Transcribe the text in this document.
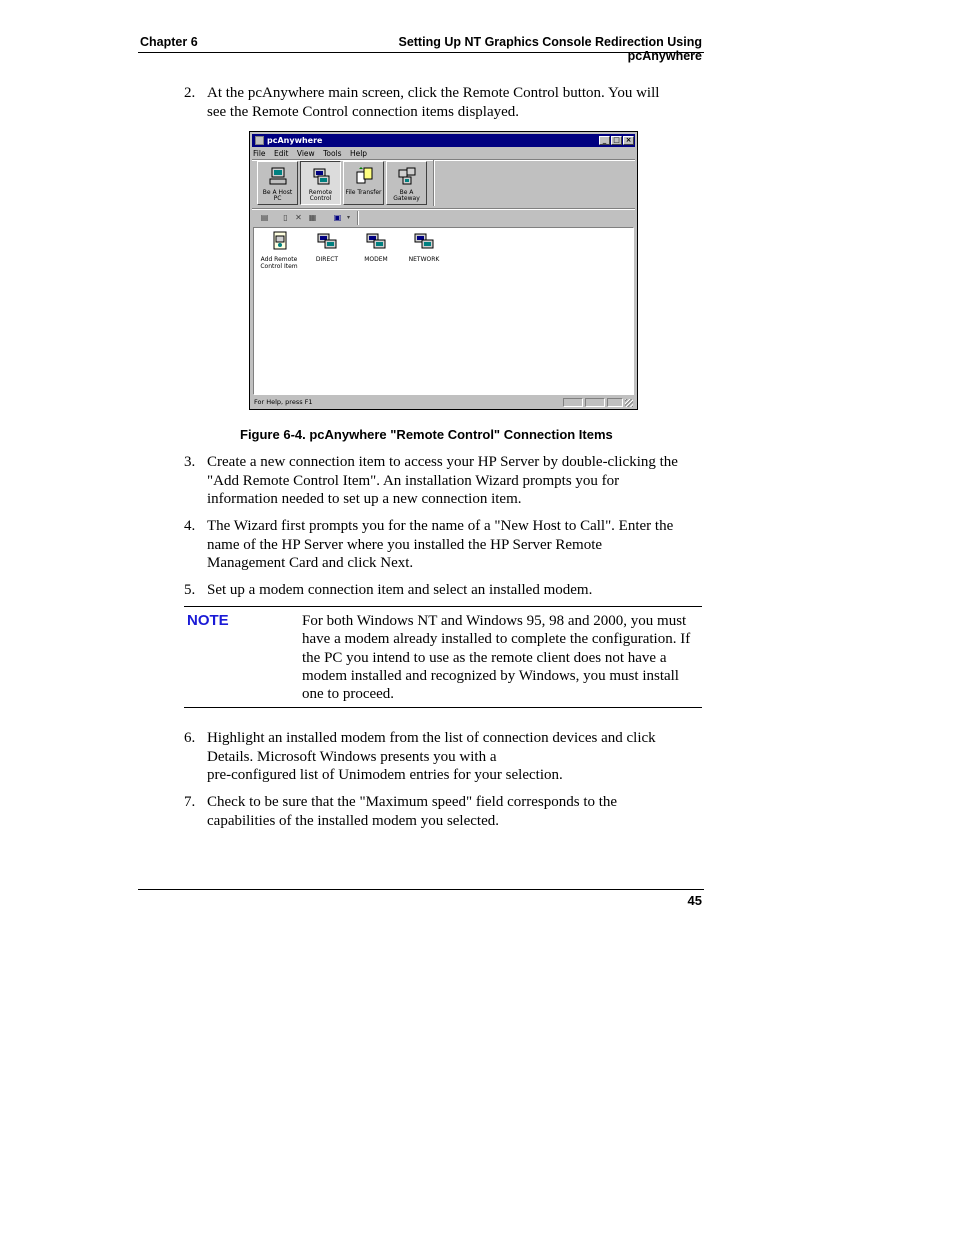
Chapter 6	Setting Up NT Graphics Console Redirection Using pcAnywhere
2. At the pcAnywhere main screen, click the Remote Control button. You will see the Remote Control connection items displayed.
pcAnywhere	_ □ ×
File Edit View Tools Help
Be A Host PC
Remote Control
File Transfer	Be A Gateway
▤ ▯ ✕ ▦ ▣ ▾
Add Remote Control Item
DIRECT	MODEM	NETWORK
For Help, press F1
Figure 6-4. pcAnywhere "Remote Control" Connection Items
3. Create a new connection item to access your HP Server by double-clicking the "Add Remote Control Item". An installation Wizard prompts you for information needed to set up a new connection item.
4. The Wizard first prompts you for the name of a "New Host to Call". Enter the name of the HP Server where you installed the HP Server Remote Management Card and click Next.
5. Set up a modem connection item and select an installed modem.
NOTE	For both Windows NT and Windows 95, 98 and 2000, you must have a modem already installed to complete the configuration. If the PC you intend to use as the remote client does not have a modem installed and recognized by Windows, you must install one to proceed.
6. Highlight an installed modem from the list of connection devices and click Details. Microsoft Windows presents you with a
pre-configured list of Unimodem entries for your selection.
7. Check to be sure that the "Maximum speed" field corresponds to the capabilities of the installed modem you selected.
45
